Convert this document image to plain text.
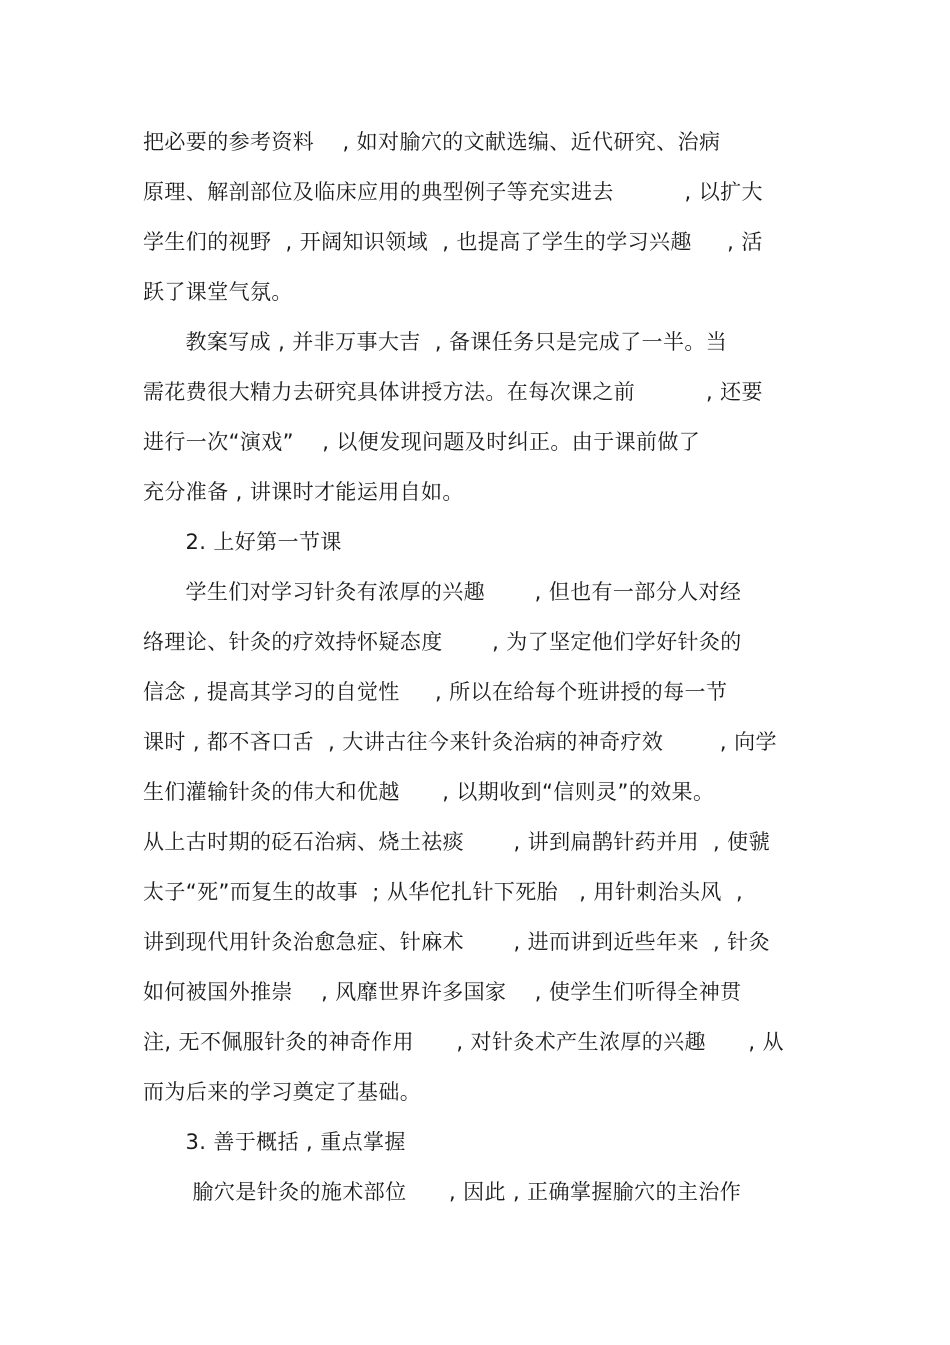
把必要的参考资料    , 如对腧穴的文献选编、近代研究、治病
原理、解剖部位及临床应用的典型例子等充实进去          , 以扩大
学生们的视野  , 开阔知识领域  , 也提高了学生的学习兴趣     , 活
跃了课堂气氛。
教案写成 , 并非万事大吉  , 备课任务只是完成了一半。当
需花费很大精力去研究具体讲授方法。在每次课之前          , 还要
进行一次“演戏”    , 以便发现问题及时纠正。由于课前做了
充分准备 , 讲课时才能运用自如。
2. 上好第一节课
学生们对学习针灸有浓厚的兴趣       , 但也有一部分人对经
络理论、针灸的疗效持怀疑态度       , 为了坚定他们学好针灸的
信念 , 提高其学习的自觉性     , 所以在给每个班讲授的每一节
课时 , 都不吝口舌  , 大讲古往今来针灸治病的神奇疗效        , 向学
生们灌输针灸的伟大和优越      , 以期收到“信则灵”的效果。
从上古时期的砭石治病、烧土祛痰       , 讲到扁鹊针药并用  , 使虢
太子“死”而复生的故事  ; 从华佗扎针下死胎   , 用针刺治头风  ,
讲到现代用针灸治愈急症、针麻术       , 进而讲到近些年来  , 针灸
如何被国外推崇    , 风靡世界许多国家    , 使学生们听得全神贯
注, 无不佩服针灸的神奇作用      , 对针灸术产生浓厚的兴趣      , 从
而为后来的学习奠定了基础。
3. 善于概括 , 重点掌握
腧穴是针灸的施术部位      , 因此 , 正确掌握腧穴的主治作
